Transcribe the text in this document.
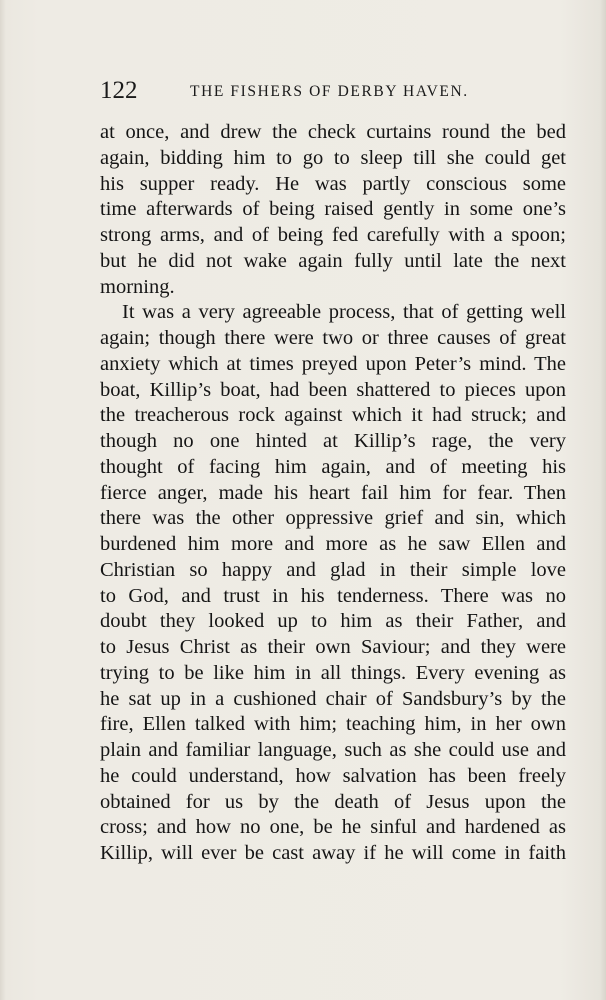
122	THE FISHERS OF DERBY HAVEN.
at once, and drew the check curtains round the bed
again, bidding him to go to sleep till she could get
his supper ready. He was partly conscious some
time afterwards of being raised gently in some one’s
strong arms, and of being fed carefully with a spoon;
but he did not wake again fully until late the next
morning.
It was a very agreeable process, that of getting well
again; though there were two or three causes of great
anxiety which at times preyed upon Peter’s mind. The
boat, Killip’s boat, had been shattered to pieces upon
the treacherous rock against which it had struck; and
though no one hinted at Killip’s rage, the very
thought of facing him again, and of meeting his
fierce anger, made his heart fail him for fear. Then
there was the other oppressive grief and sin, which
burdened him more and more as he saw Ellen and
Christian so happy and glad in their simple love
to God, and trust in his tenderness. There was no
doubt they looked up to him as their Father, and
to Jesus Christ as their own Saviour; and they were
trying to be like him in all things. Every evening as
he sat up in a cushioned chair of Sandsbury’s by the
fire, Ellen talked with him; teaching him, in her own
plain and familiar language, such as she could use and
he could understand, how salvation has been freely
obtained for us by the death of Jesus upon the
cross; and how no one, be he sinful and hardened as
Killip, will ever be cast away if he will come in faith
